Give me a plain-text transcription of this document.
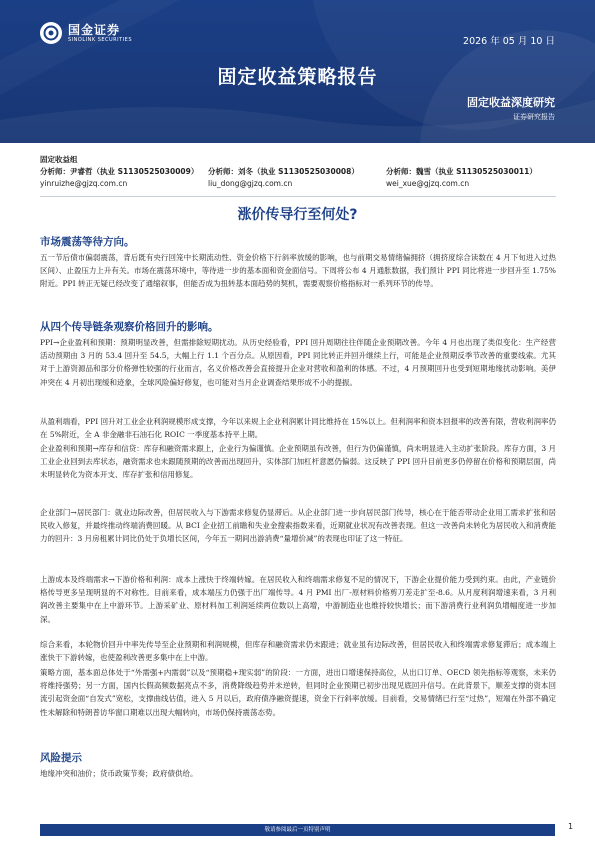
国金证券
SINOLINK SECURITIES	2026 年 05 月 10 日
固定收益策略报告
固定收益深度研究
证券研究报告
固定收益组
分析师：尹睿哲（执业 S1130525030009）
yinruizhe@gjzq.com.cn
分析师：刘冬（执业 S1130525030008）
liu_dong@gjzq.com.cn
分析师：魏雪（执业 S1130525030011）
wei_xue@gjzq.com.cn
涨价传导行至何处?
市场震荡等待方向。
五一节后债市偏弱震荡，背后既有央行回笼中长期流动性、资金价格下行斜率放缓的影响，也与前期交易情绪偏拥挤（拥挤度综合读数在 4 月下旬进入过热区间）、止盈压力上升有关。市场在震荡环境中，等待进一步的基本面和资金面信号。下周将公布 4 月通胀数据，我们预计 PPI 同比将进一步回升至 1.75%附近。PPI 转正无疑已经改变了通缩叙事，但能否成为扭转基本面趋势的契机，需要观察价格指标对一系列环节的传导。
从四个传导链条观察价格回升的影响。
PPI→企业盈利和预期：预期明显改善，但需排除短期扰动。从历史经验看，PPI 回升周期往往伴随企业预期改善。今年 4 月也出现了类似变化：生产经营活动预期由 3 月的 53.4 回升至 54.5，大幅上行 1.1 个百分点。从原因看，PPI 同比转正并回升继续上行，可能是企业预期反季节改善的重要线索。尤其对于上游资源品和部分价格弹性较强的行业而言，名义价格改善会直接提升企业对营收和盈利的体感。不过，4 月预期回升也受到短期地缘扰动影响。美伊冲突在 4 月初出现缓和迹象，全球风险偏好修复，也可能对当月企业调查结果形成不小的提振。
从盈利端看，PPI 回升对工业企业利润规模形成支撑，今年以来规上企业利润累计同比维持在 15%以上。但利润率和资本回报率的改善有限，营收利润率仍在 5%附近，全 A 非金融非石油石化 ROIC 一季度基本持平上期。
企业盈利和预期→库存和信贷：库存和融资需求跟上，企业行为偏谨慎。企业预期虽有改善，但行为仍偏谨慎，尚未明显进入主动扩张阶段。库存方面，3 月工业企业回到去库状态，融资需求也未跟随预期的改善而出现回升，实体部门加杠杆意愿仍偏弱。这反映了 PPI 回升目前更多仍停留在价格和预期层面，尚未明显转化为资本开支、库存扩张和信用修复。
企业部门→居民部门：就业边际改善，但居民收入与下游需求修复仍显滞后。从企业部门进一步向居民部门传导，核心在于能否带动企业用工需求扩张和居民收入修复，并最终推动终端消费回暖。从 BCI 企业招工前瞻和失业金搜索指数来看，近期就业状况有改善表现。但这一改善尚未转化为居民收入和消费能力的回升：3 月房租累计同比仍处于负增长区间，今年五一期间出游消费“量增价减”的表现也印证了这一特征。
上游成本及终端需求→下游价格和利润：成本上涨快于终端转嫁。在居民收入和终端需求修复不足的情况下，下游企业提价能力受到约束。由此，产业链价格传导更多呈现明显的不对称性。目前来看，成本端压力仍强于出厂端传导。4 月 PMI 出厂-原材料价格剪刀差走扩至-8.6。从月度利润增速来看，3 月利润改善主要集中在上中游环节。上游采矿业、原材料加工利润延续两位数以上高增，中游制造业也维持较快增长；而下游消费行业利润负增幅度进一步加深。
综合来看，本轮物价回升中率先传导至企业预期和利润规模，但库存和融资需求仍未跟进；就业虽有边际改善，但居民收入和终端需求修复滞后；成本端上涨快于下游转嫁，也使盈利改善更多集中在上中游。
策略方面，基本面总体处于“外需强+内需弱”以及“预期稳+现实弱”的阶段：一方面，进出口增速保持高位，从出口订单、OECD 领先指标等观察，未来仍将维持强势；另一方面，国内长假高频数据亮点不多，消费降级趋势并未逆转，但同时企业预期已初步出现见底回升信号。在此背景下，顺差支撑的资本回流引起资金面“自发式”宽松，支撑曲线估值，进入 5 月以后，政府债净融资提速，资金下行斜率放缓。目前看，交易情绪已行至“过热”，短端在外部不确定性未解除和特朗普访华窗口期难以出现大幅转向，市场仍保持震荡态势。
风险提示
地缘冲突和油价；货币政策节奏；政府债供给。
敬请参阅最后一页特别声明	1
